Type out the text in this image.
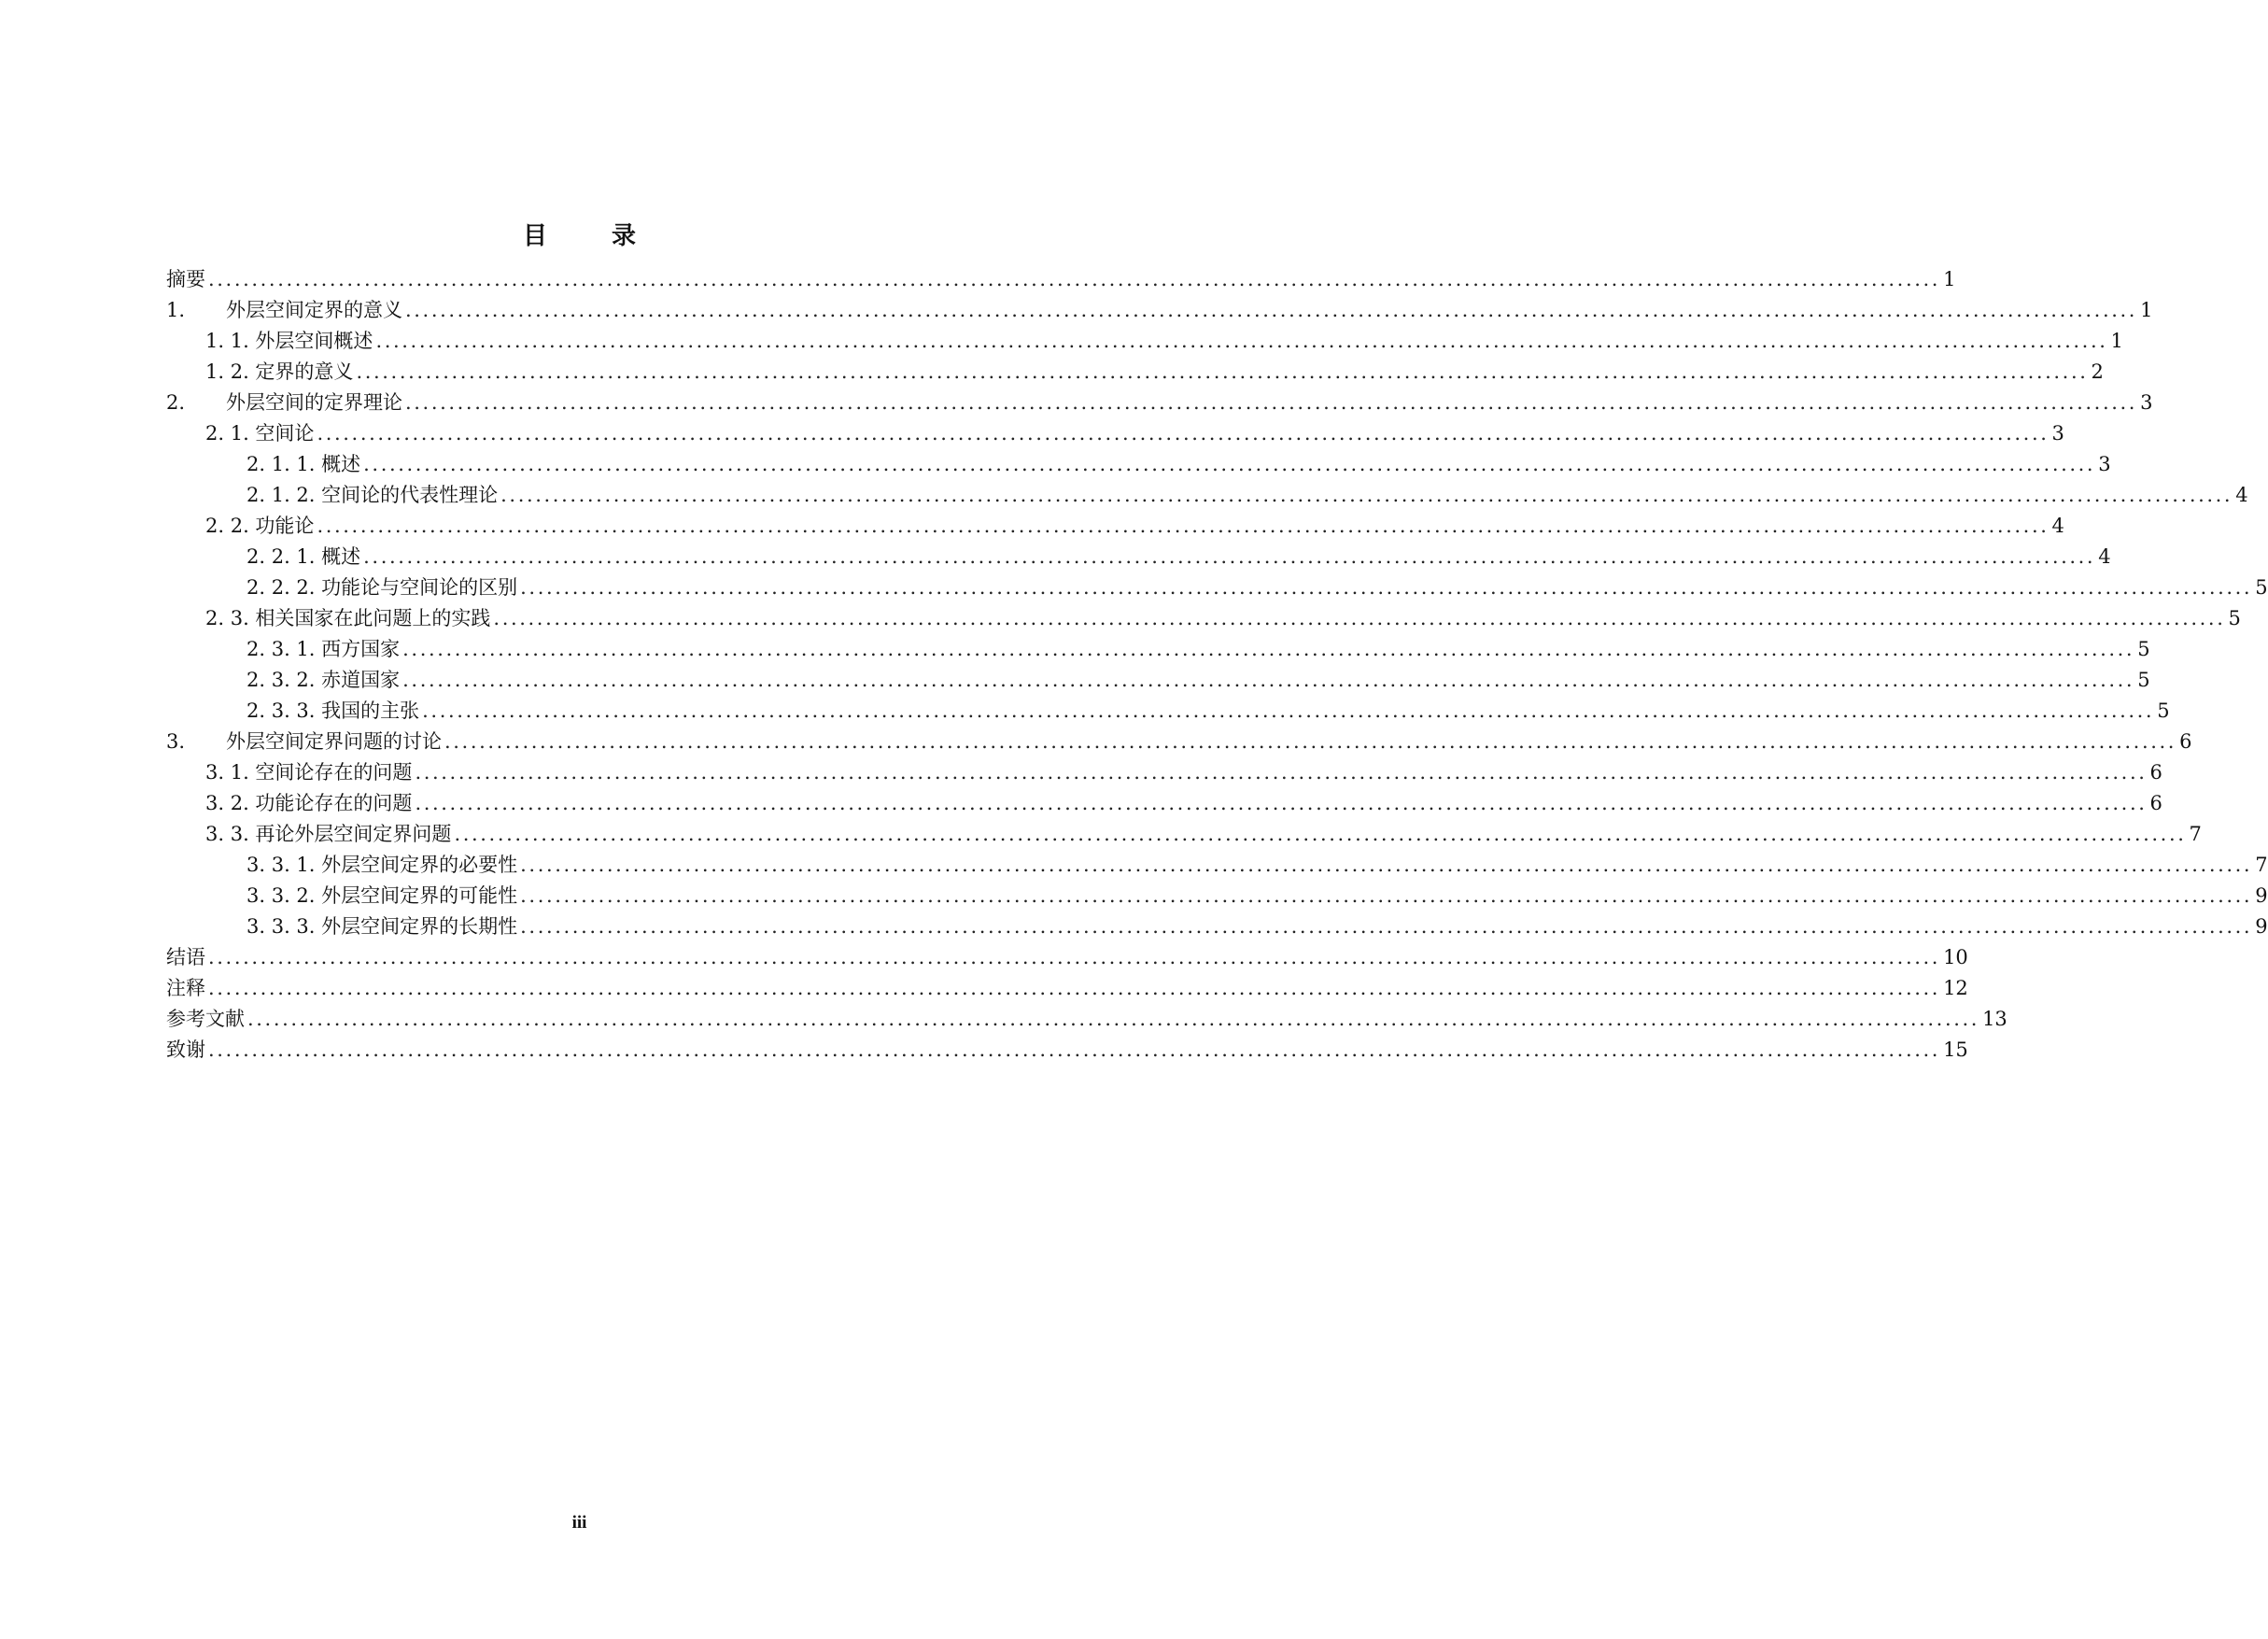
目 录
摘要 ........................................................................................................................................................................................................ 1
1. 外层空间定界的意义 ........................................................................................................................................................................................................ 1
1. 1. 外层空间概述 ........................................................................................................................................................................................................ 1
1. 2. 定界的意义 ........................................................................................................................................................................................................ 2
2. 外层空间的定界理论 ........................................................................................................................................................................................................ 3
2. 1. 空间论 ........................................................................................................................................................................................................ 3
2. 1. 1. 概述 ........................................................................................................................................................................................................ 3
2. 1. 2. 空间论的代表性理论 ........................................................................................................................................................................................................ 4
2. 2. 功能论 ........................................................................................................................................................................................................ 4
2. 2. 1. 概述 ........................................................................................................................................................................................................ 4
2. 2. 2. 功能论与空间论的区别 ........................................................................................................................................................................................................ 5
2. 3. 相关国家在此问题上的实践 ........................................................................................................................................................................................................ 5
2. 3. 1. 西方国家 ........................................................................................................................................................................................................ 5
2. 3. 2. 赤道国家 ........................................................................................................................................................................................................ 5
2. 3. 3. 我国的主张 ........................................................................................................................................................................................................ 5
3. 外层空间定界问题的讨论 ........................................................................................................................................................................................................ 6
3. 1. 空间论存在的问题 ........................................................................................................................................................................................................ 6
3. 2. 功能论存在的问题 ........................................................................................................................................................................................................ 6
3. 3. 再论外层空间定界问题 ........................................................................................................................................................................................................ 7
3. 3. 1. 外层空间定界的必要性 ........................................................................................................................................................................................................ 7
3. 3. 2. 外层空间定界的可能性 ........................................................................................................................................................................................................ 9
3. 3. 3. 外层空间定界的长期性 ........................................................................................................................................................................................................ 9
结语 ........................................................................................................................................................................................................ 10
注释 ........................................................................................................................................................................................................ 12
参考文献 ........................................................................................................................................................................................................ 13
致谢 ........................................................................................................................................................................................................ 15
iii
